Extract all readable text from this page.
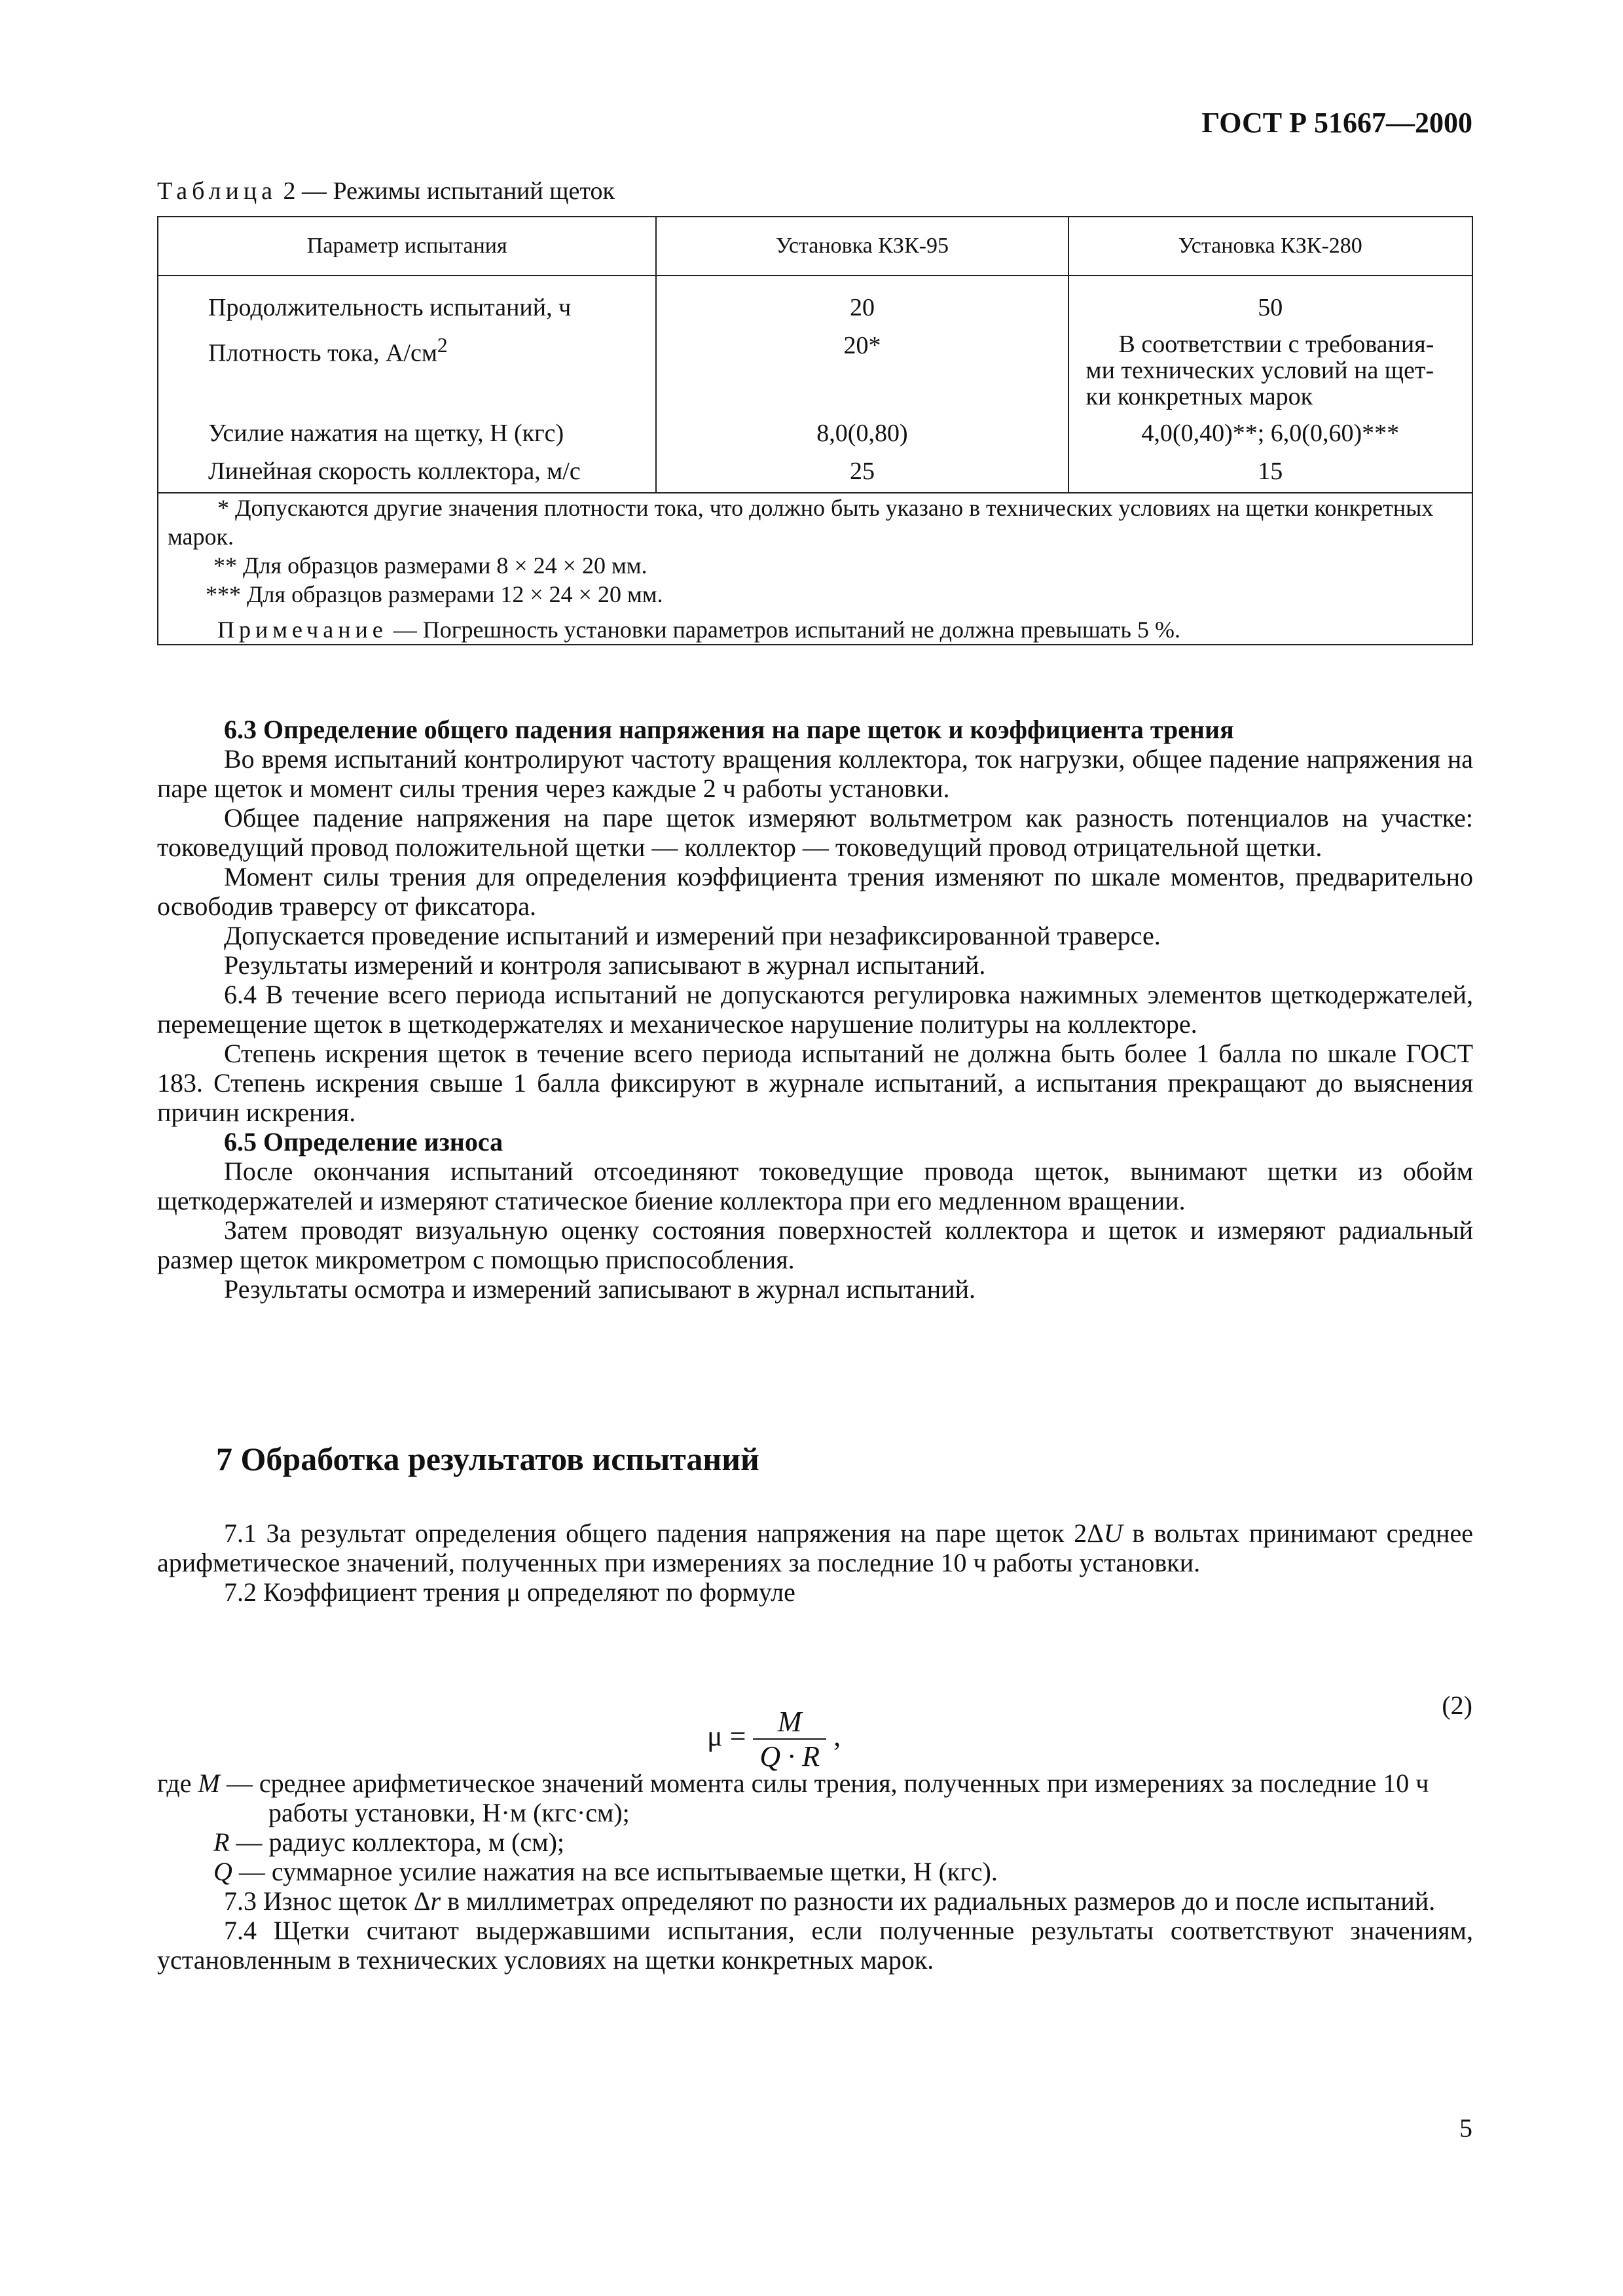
ГОСТ Р 51667—2000
Таблица 2 — Режимы испытаний щеток
Параметр испытания	Установка КЗК-95	Установка КЗК-280
Продолжительность испытаний, ч	20	50
Плотность тока, $А/см^2$	20*	В соответствии с требования-
ми технических условий на щет-
ки конкретных марок

Усилие нажатия на щетку, Н (кгс)	8,0(0,80)	4,0(0,40)**; 6,0(0,60)***
Линейная скорость коллектора, м/с	25	15

* Допускаются другие значения плотности тока, что должно быть указано в технических условиях на щетки конкретных марок.

** Для образцов размерами 8 × 24 × 20 мм.

*** Для образцов размерами 12 × 24 × 20 мм.

Примечание — Погрешность установки параметров испытаний не должна превышать 5 %.		

6.3 Определение общего падения напряжения на паре щеток и коэффициента трения

Во время испытаний контролируют частоту вращения коллектора, ток нагрузки, общее падение напряжения на паре щеток и момент силы трения через каждые 2 ч работы установки.

Общее падение напряжения на паре щеток измеряют вольтметром как разность потенциалов на участке: токоведущий провод положительной щетки — коллектор — токоведущий провод отрицательной щетки.

Момент силы трения для определения коэффициента трения изменяют по шкале моментов, предварительно освободив траверсу от фиксатора.

Допускается проведение испытаний и измерений при незафиксированной траверсе.

Результаты измерений и контроля записывают в журнал испытаний.

6.4 В течение всего периода испытаний не допускаются регулировка нажимных элементов щеткодержателей, перемещение щеток в щеткодержателях и механическое нарушение политуры на коллекторе.

Степень искрения щеток в течение всего периода испытаний не должна быть более 1 балла по шкале ГОСТ 183. Степень искрения свыше 1 балла фиксируют в журнале испытаний, а испытания прекращают до выяснения причин искрения.

6.5 Определение износа

После окончания испытаний отсоединяют токоведущие провода щеток, вынимают щетки из обойм щеткодержателей и измеряют статическое биение коллектора при его медленном вращении.

Затем проводят визуальную оценку состояния поверхностей коллектора и щеток и измеряют радиальный размер щеток микрометром с помощью приспособления.

Результаты осмотра и измерений записывают в журнал испытаний.

7 Обработка результатов испытаний

7.1 За результат определения общего падения напряжения на паре щеток 2ΔU в вольтах принимают среднее арифметическое значений, полученных при измерениях за последние 10 ч работы установки.

7.2 Коэффициент трения μ определяют по формуле

$\mu = \frac{M}{Q \cdot R}$ ,
(2)

где M — среднее арифметическое значений момента силы трения, полученных при измерениях за последние 10 ч работы установки, Н·м (кгс·см);

R — радиус коллектора, м (см);

Q — суммарное усилие нажатия на все испытываемые щетки, Н (кгс).

7.3 Износ щеток Δr в миллиметрах определяют по разности их радиальных размеров до и после испытаний.

7.4 Щетки считают выдержавшими испытания, если полученные результаты соответствуют значениям, установленным в технических условиях на щетки конкретных марок.

5
